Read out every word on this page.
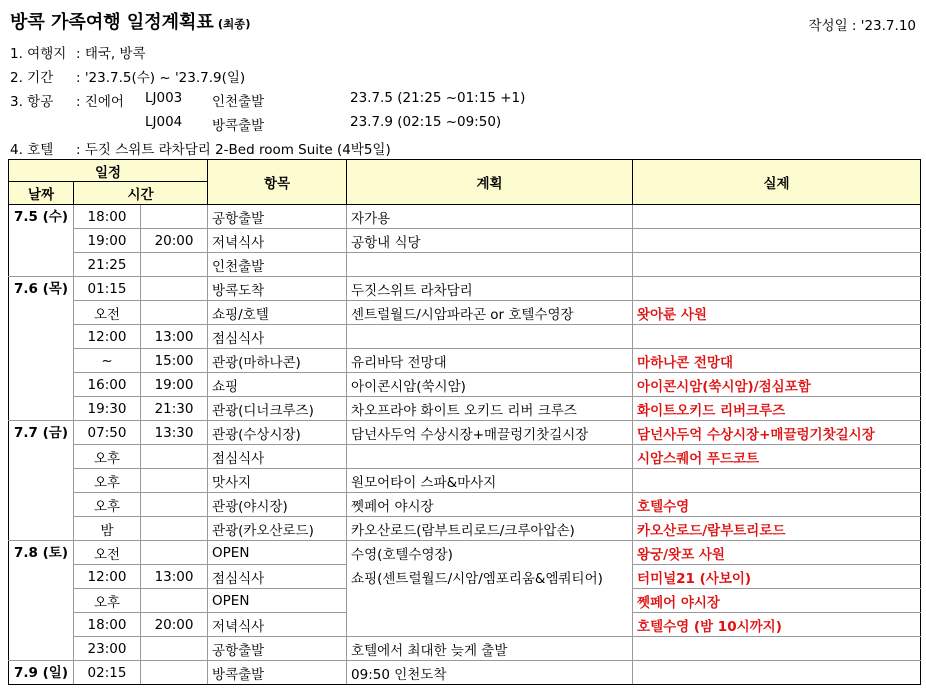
방콕 가족여행 일정계획표 (최종)	작성일 : '23.7.10
1. 여행지 : 태국, 방콕
2. 기간 : '23.7.5(수) ~ '23.7.9(일)
3. 항공 : 진에어 LJ003 인천출발	23.7.5 (21:25 ~01:15 +1)
LJ004 방콕출발	23.7.9 (02:15 ~09:50)
4. 호텔 : 두짓 스위트 라차담리 2-Bed room Suite (4박5일)
일정			항목	계획	실제
날짜	시간				
7.5 (수)	18:00		공항출발	자가용	
	19:00	20:00	저녁식사	공항내 식당	
	21:25		인천출발		
7.6 (목)	01:15		방콕도착	두짓스위트 라차담리	
	오전		쇼핑/호텔	센트럴월드/시암파라곤 or 호텔수영장	왓아룬 사원
	12:00	13:00	점심식사		
	~	15:00	관광(마하나콘)	유리바닥 전망대	마하나콘 전망대
	16:00	19:00	쇼핑	아이콘시암(쑥시암)	아이콘시암(쑥시암)/점심포함
	19:30	21:30	관광(디너크루즈)	차오프라야 화이트 오키드 리버 크루즈	화이트오키드 리버크루즈
7.7 (금)	07:50	13:30	관광(수상시장)	담넌사두억 수상시장+매끌렁기찻길시장	담넌사두억 수상시장+매끌렁기찻길시장
	오후		점심식사		시암스퀘어 푸드코트
	오후		맛사지	원모어타이 스파&마사지	
	오후		관광(야시장)	쩻페어 야시장	호텔수영
	밤		관광(카오산로드)	카오산로드(람부트리로드/크루아압손)	카오산로드/람부트리로드
7.8 (토)	오전		OPEN	수영(호텔수영장)	왕궁/왓포 사원
	12:00	13:00	점심식사	쇼핑(센트럴월드/시암/엠포리움&엠쿼티어)	터미널21 (사보이)
	오후		OPEN		쩻페어 야시장
	18:00	20:00	저녁식사		호텔수영 (밤 10시까지)
	23:00		공항출발	호텔에서 최대한 늦게 출발	
7.9 (일)	02:15		방콕출발	09:50 인천도착	
